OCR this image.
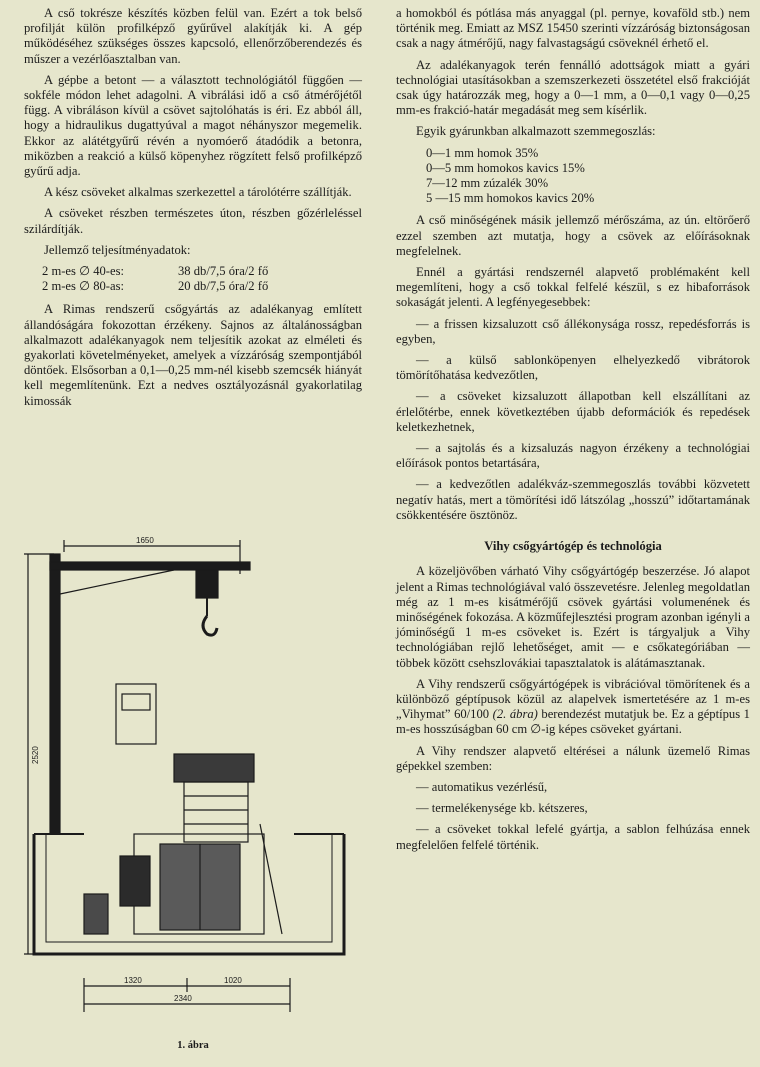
A cső tokrésze készítés közben felül van. Ezért a tok belső profilját külön profilképző gyűrűvel alakítják ki. A gép működéséhez szükséges összes kapcsoló, ellenőrzőberendezés és műszer a vezérlőasztalban van.

A gépbe a betont — a választott technológiától függően — sokféle módon lehet adagolni. A vibrálási idő a cső átmérőjétől függ. A vibráláson kívül a csövet sajtolóhatás is éri. Ez abból áll, hogy a hidraulikus dugattyúval a magot néhányszor megemelik. Ekkor az alátétgyűrű révén a nyomóerő átadódik a betonra, miközben a reakció a külső köpenyhez rögzített felső profilképző gyűrű adja.

A kész csöveket alkalmas szerkezettel a tárolótérre szállítják.

A csöveket részben természetes úton, részben gőzérleléssel szilárdítják.

Jellemző teljesítményadatok:

2 m-es ∅ 40-es:	38 db/7,5 óra/2 fő
2 m-es ∅ 80-as:	20 db/7,5 óra/2 fő

A Rimas rendszerű csőgyártás az adalékanyag említett állandóságára fokozottan érzékeny. Sajnos az általánosságban alkalmazott adalékanyagok nem teljesítik azokat az elméleti és gyakorlati követelményeket, amelyek a vízzáróság szempontjából döntőek. Elsősorban a 0,1—0,25 mm-nél kisebb szemcsék hiányát kell megemlítenünk. Ezt a nedves osztályozásnál gyakorlatilag kimossák

1650
2520
1320	1020
2340
1. ábra

a homokból és pótlása más anyaggal (pl. pernye, kovaföld stb.) nem történik meg. Emiatt az MSZ 15450 szerinti vízzáróság biztonságosan csak a nagy átmérőjű, nagy falvastagságú csöveknél érhető el.

Az adalékanyagok terén fennálló adottságok miatt a gyári technológiai utasításokban a szemszerkezeti összetétel első frakcióját csak úgy határozzák meg, hogy a 0—1 mm, a 0—0,1 vagy 0—0,25 mm-es frakció-határ megadását meg sem kísérlik.

Egyik gyárunkban alkalmazott szemmegoszlás:

0—1 mm homok 35%
0—5 mm homokos kavics 15%
7—12 mm zúzalék 30%
5 —15 mm homokos kavics 20%

A cső minőségének másik jellemző mérőszáma, az ún. eltörőerő ezzel szemben azt mutatja, hogy a csövek az előírásoknak megfelelnek.

Ennél a gyártási rendszernél alapvető problémaként kell megemlíteni, hogy a cső tokkal felfelé készül, s ez hibaforrások sokaságát jelenti. A legfényegesebbek:

— a frissen kizsaluzott cső állékonysága rossz, repedésforrás is egyben,

— a külső sablonköpenyen elhelyezkedő vibrátorok tömörítőhatása kedvezőtlen,

— a csöveket kizsaluzott állapotban kell elszállítani az érlelőtérbe, ennek következtében újabb deformációk és repedések keletkezhetnek,

— a sajtolás és a kizsaluzás nagyon érzékeny a technológiai előírások pontos betartására,

— a kedvezőtlen adalékváz-szemmegoszlás további közvetett negatív hatás, mert a tömörítési idő látszólag „hosszú” időtartamának csökkentésére ösztönöz.

Vihy csőgyártógép és technológia

A közeljövőben várható Vihy csőgyártógép beszerzése. Jó alapot jelent a Rimas technológiával való összevetésre. Jelenleg megoldatlan még az 1 m-es kisátmérőjű csövek gyártási volumenének és minőségének fokozása. A közműfejlesztési program azonban igényli a jóminőségű 1 m-es csöveket is. Ezért is tárgyaljuk a Vihy technológiában rejlő lehetőséget, amit — e csőkategóriában — többek között csehszlovákiai tapasztalatok is alátámasztanak.

A Vihy rendszerű csőgyártógépek is vibrációval tömörítenek és a különböző géptípusok közül az alapelvek ismertetésére az 1 m-es „Vihymat” 60/100 (2. ábra) berendezést mutatjuk be. Ez a géptípus 1 m-es hosszúságban 60 cm ∅-ig képes csöveket gyártani.

A Vihy rendszer alapvető eltérései a nálunk üzemelő Rimas gépekkel szemben:

— automatikus vezérlésű,

— termelékenysége kb. kétszeres,

— a csöveket tokkal lefelé gyártja, a sablon felhúzása ennek megfelelően felfelé történik.
